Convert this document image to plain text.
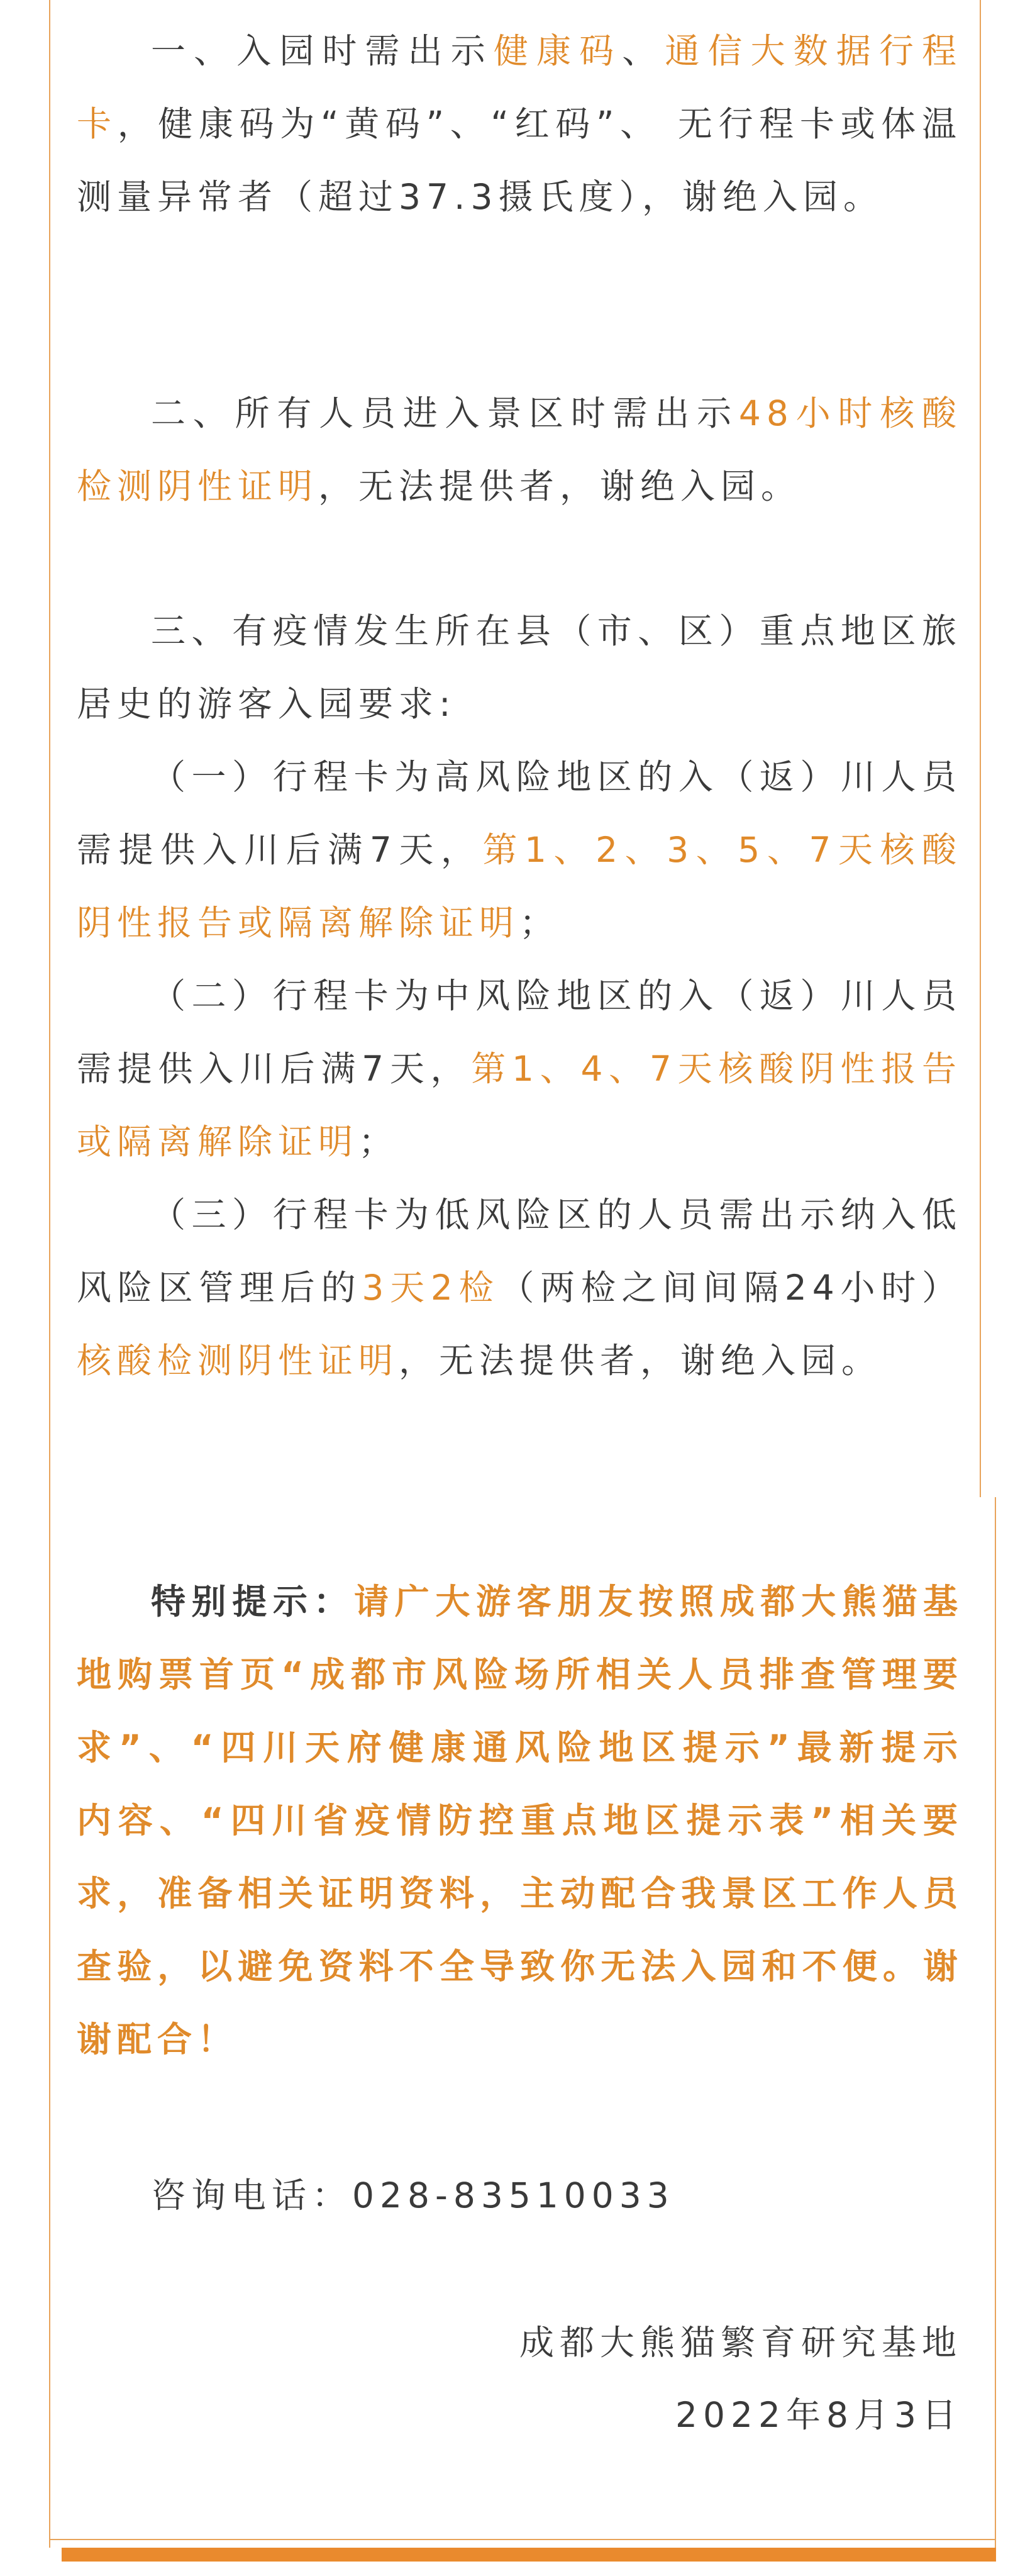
一、入园时需出示健康码、通信大数据行程卡，健康码为“黄码”、“红码”、 无行程卡或体温测量异常者（超过37.3摄氏度），谢绝入园。
二、所有人员进入景区时需出示48小时核酸检测阴性证明，无法提供者，谢绝入园。
三、有疫情发生所在县（市、区）重点地区旅居史的游客入园要求:
（一）行程卡为高风险地区的入（返）川人员需提供入川后满7天，第1、2、3、5、7天核酸阴性报告或隔离解除证明；
（二）行程卡为中风险地区的入（返）川人员需提供入川后满7天，第1、4、7天核酸阴性报告或隔离解除证明；
（三）行程卡为低风险区的人员需出示纳入低风险区管理后的3天2检（两检之间间隔24小时）核酸检测阴性证明，无法提供者，谢绝入园。
特别提示：请广大游客朋友按照成都大熊猫基地购票首页“成都市风险场所相关人员排查管理要求”、“四川天府健康通风险地区提示”最新提示内容、“四川省疫情防控重点地区提示表”相关要求，准备相关证明资料，主动配合我景区工作人员查验，以避免资料不全导致你无法入园和不便。谢谢配合！
咨询电话：028-83510033
成都大熊猫繁育研究基地
2022年8月3日
